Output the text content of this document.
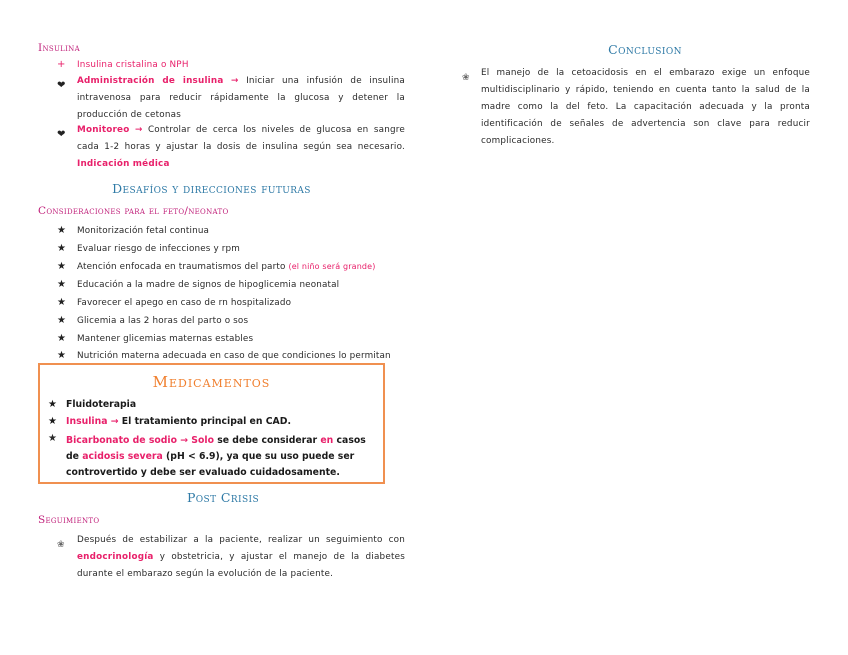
Insulina
+ Insulina cristalina o NPH
❤ Administración de insulina → Iniciar una infusión de insulina intravenosa para reducir rápidamente la glucosa y detener la producción de cetonas
❤ Monitoreo → Controlar de cerca los niveles de glucosa en sangre cada 1-2 horas y ajustar la dosis de insulina según sea necesario. Indicación médica
Desafíos y direcciones futuras
Consideraciones para el feto/neonato
★ Monitorización fetal continua
★ Evaluar riesgo de infecciones y rpm
★ Atención enfocada en traumatismos del parto (el niño será grande)
★ Educación a la madre de signos de hipoglicemia neonatal
★ Favorecer el apego en caso de rn hospitalizado
★ Glicemia a las 2 horas del parto o sos
★ Mantener glicemias maternas estables
★ Nutrición materna adecuada en caso de que condiciones lo permitan
Medicamentos
★ Fluidoterapia
★ Insulina → El tratamiento principal en CAD.
★ Bicarbonato de sodio → Solo se debe considerar en casos de acidosis severa (pH < 6.9), ya que su uso puede ser controvertido y debe ser evaluado cuidadosamente.
Post Crisis
Seguimiento
❀ Después de estabilizar a la paciente, realizar un seguimiento con endocrinología y obstetricia, y ajustar el manejo de la diabetes durante el embarazo según la evolución de la paciente.
Conclusion
❀ El manejo de la cetoacidosis en el embarazo exige un enfoque multidisciplinario y rápido, teniendo en cuenta tanto la salud de la madre como la del feto. La capacitación adecuada y la pronta identificación de señales de advertencia son clave para reducir complicaciones.
